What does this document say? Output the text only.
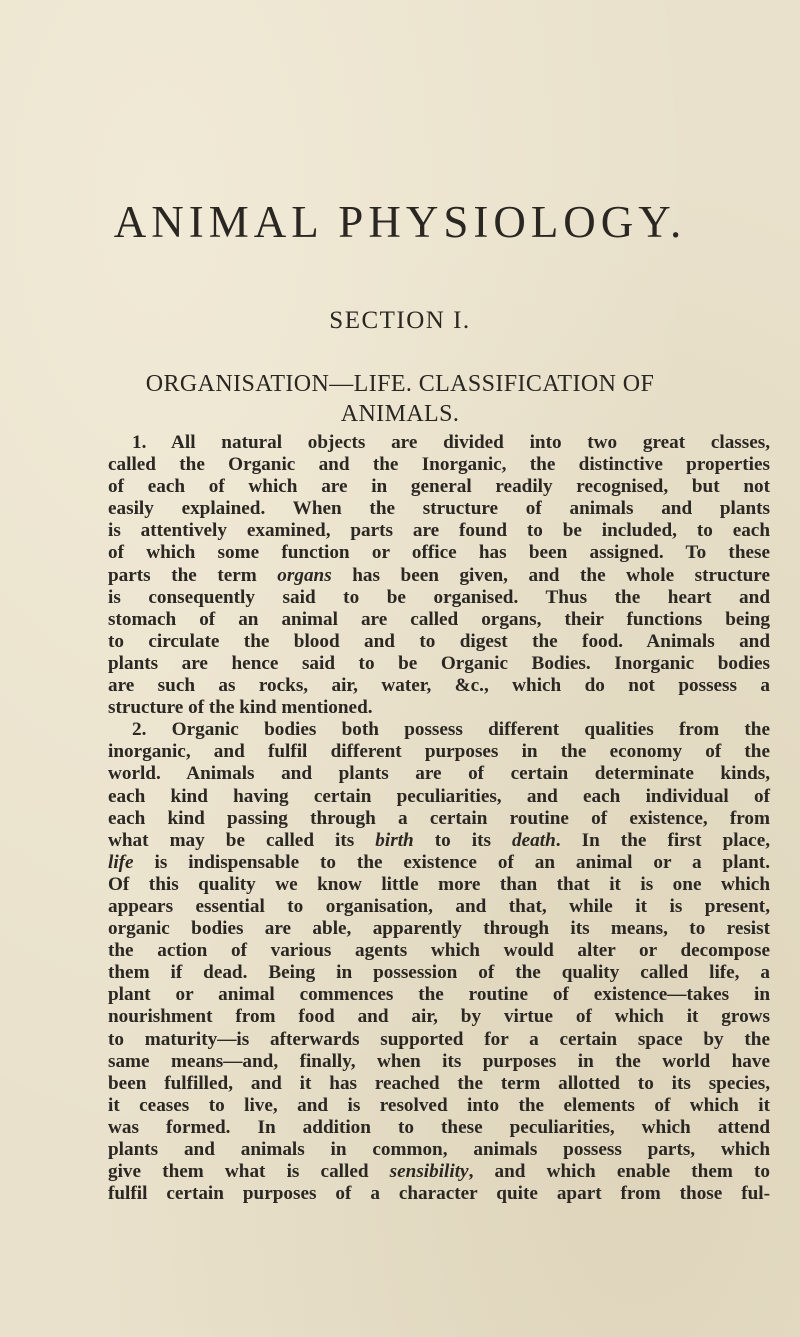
ANIMAL PHYSIOLOGY.
SECTION I.
ORGANISATION—LIFE. CLASSIFICATION OF
ANIMALS.

1. All natural objects are divided into two great classes,
called the Organic and the Inorganic, the distinctive properties
of each of which are in general readily recognised, but not
easily explained. When the structure of animals and plants
is attentively examined, parts are found to be included, to each
of which some function or office has been assigned. To these
parts the term organs has been given, and the whole structure
is consequently said to be organised. Thus the heart and
stomach of an animal are called organs, their functions being
to circulate the blood and to digest the food. Animals and
plants are hence said to be Organic Bodies. Inorganic bodies
are such as rocks, air, water, &c., which do not possess a
structure of the kind mentioned.

2. Organic bodies both possess different qualities from the
inorganic, and fulfil different purposes in the economy of the
world. Animals and plants are of certain determinate kinds,
each kind having certain peculiarities, and each individual of
each kind passing through a certain routine of existence, from
what may be called its birth to its death. In the first place,
life is indispensable to the existence of an animal or a plant.
Of this quality we know little more than that it is one which
appears essential to organisation, and that, while it is present,
organic bodies are able, apparently through its means, to resist
the action of various agents which would alter or decompose
them if dead. Being in possession of the quality called life, a
plant or animal commences the routine of existence—takes in
nourishment from food and air, by virtue of which it grows
to maturity—is afterwards supported for a certain space by the
same means—and, finally, when its purposes in the world have
been fulfilled, and it has reached the term allotted to its species,
it ceases to live, and is resolved into the elements of which it
was formed. In addition to these peculiarities, which attend
plants and animals in common, animals possess parts, which
give them what is called sensibility, and which enable them to
fulfil certain purposes of a character quite apart from those ful-
